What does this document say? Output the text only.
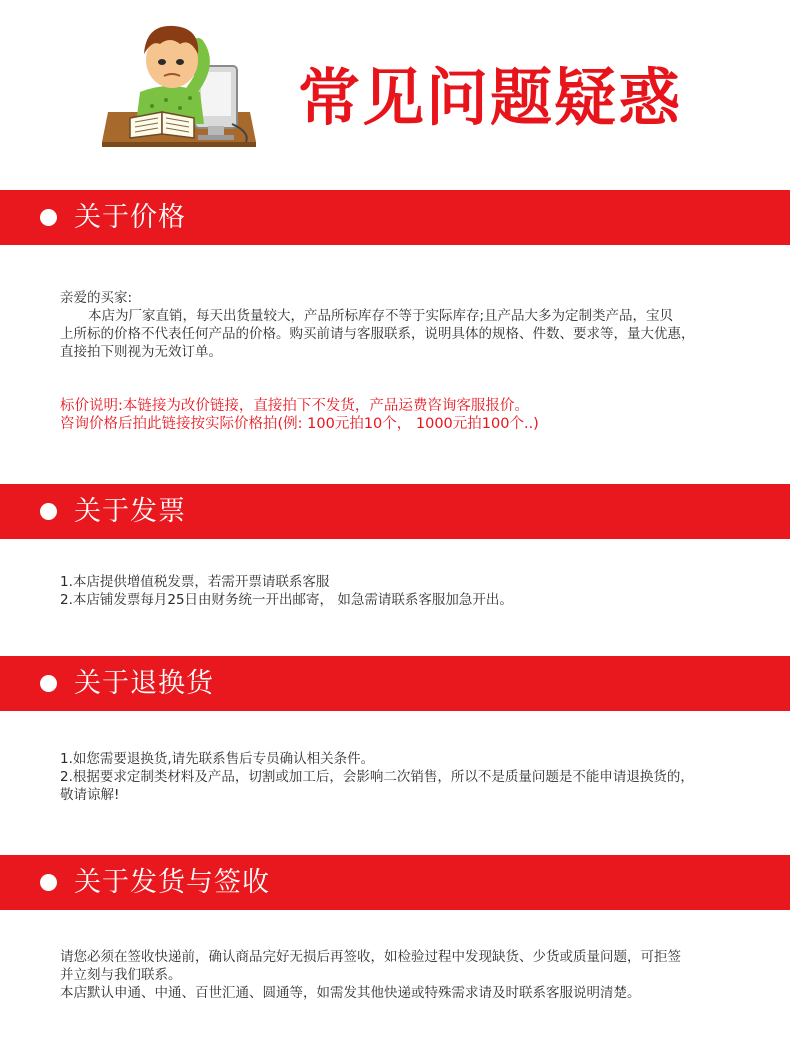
常见问题疑惑
关于价格
亲爱的买家:
本店为厂家直销，每天出货量较大，产品所标库存不等于实际库存;且产品大多为定制类产品，宝贝
上所标的价格不代表任何产品的价格。购买前请与客服联系，说明具体的规格、件数、要求等，量大优惠，
直接拍下则视为无效订单。
标价说明:本链接为改价链接，直接拍下不发货，产品运费咨询客服报价。
咨询价格后拍此链接按实际价格拍(例: 100元拍10个， 1000元拍100个..)
关于发票
1.本店提供增值税发票，若需开票请联系客服
2.本店铺发票每月25日由财务统一开出邮寄， 如急需请联系客服加急开出。
关于退换货
1.如您需要退换货,请先联系售后专员确认相关条件。
2.根据要求定制类材料及产品，切割或加工后，会影响二次销售，所以不是质量问题是不能申请退换货的，
敬请谅解!
关于发货与签收
请您必须在签收快递前，确认商品完好无损后再签收，如检验过程中发现缺货、少货或质量问题，可拒签
并立刻与我们联系。
本店默认申通、中通、百世汇通、圆通等，如需发其他快递或特殊需求请及时联系客服说明清楚。
